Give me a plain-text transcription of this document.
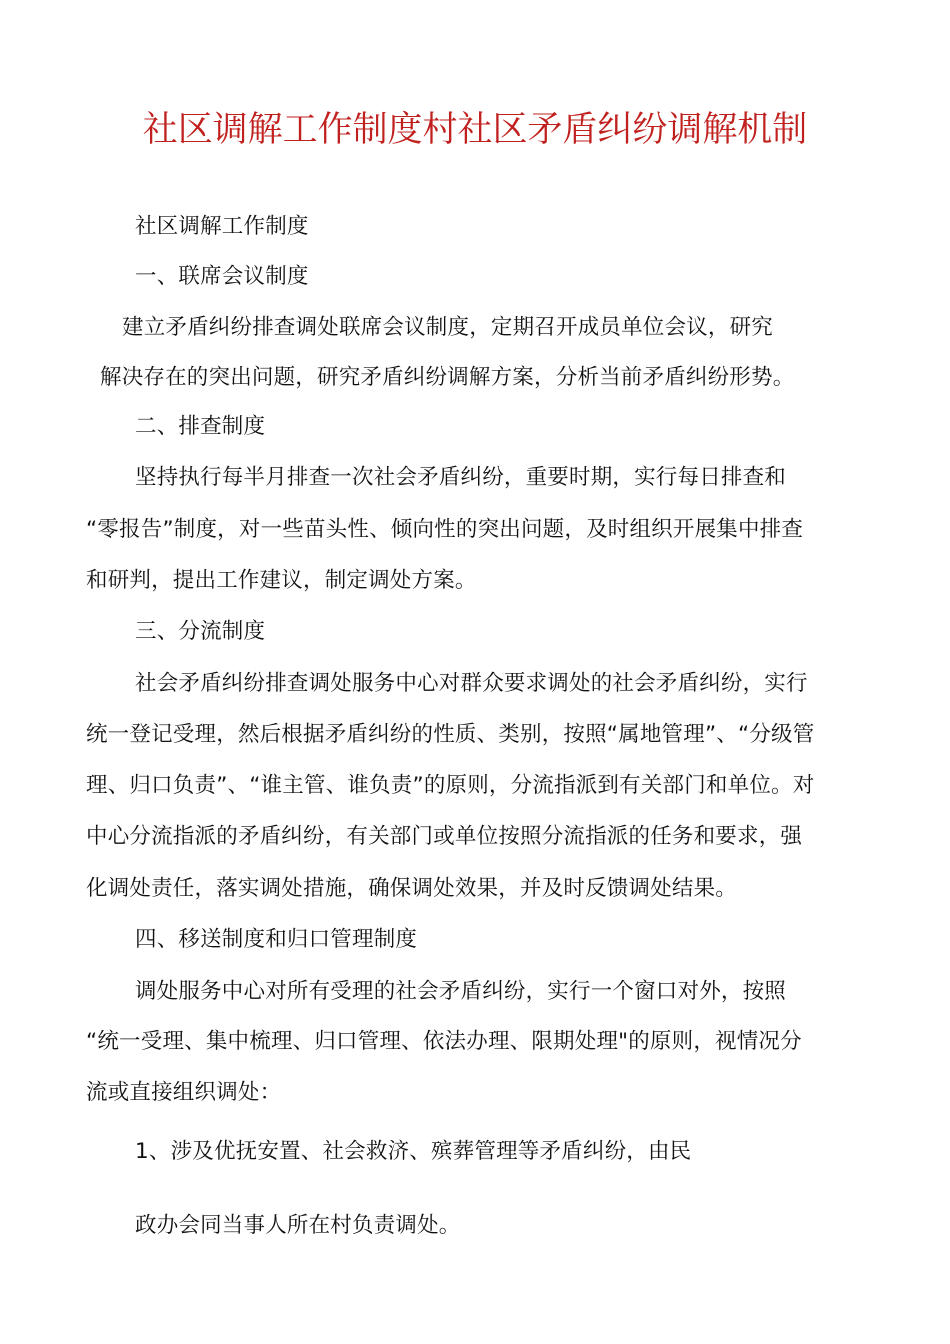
社区调解工作制度村社区矛盾纠纷调解机制
社区调解工作制度
一、联席会议制度
建立矛盾纠纷排查调处联席会议制度，定期召开成员单位会议，研究
解决存在的突出问题，研究矛盾纠纷调解方案，分析当前矛盾纠纷形势。
二、排查制度
坚持执行每半月排查一次社会矛盾纠纷，重要时期，实行每日排查和
“零报告”制度，对一些苗头性、倾向性的突出问题，及时组织开展集中排查
和研判，提出工作建议，制定调处方案。
三、分流制度
社会矛盾纠纷排查调处服务中心对群众要求调处的社会矛盾纠纷，实行
统一登记受理，然后根据矛盾纠纷的性质、类别，按照“属地管理”、“分级管
理、归口负责”、“谁主管、谁负责”的原则，分流指派到有关部门和单位。对
中心分流指派的矛盾纠纷，有关部门或单位按照分流指派的任务和要求，强
化调处责任，落实调处措施，确保调处效果，并及时反馈调处结果。
四、移送制度和归口管理制度
调处服务中心对所有受理的社会矛盾纠纷，实行一个窗口对外，按照
“统一受理、集中梳理、归口管理、依法办理、限期处理"的原则，视情况分
流或直接组织调处：
1、涉及优抚安置、社会救济、殡葬管理等矛盾纠纷，由民
政办会同当事人所在村负责调处。
